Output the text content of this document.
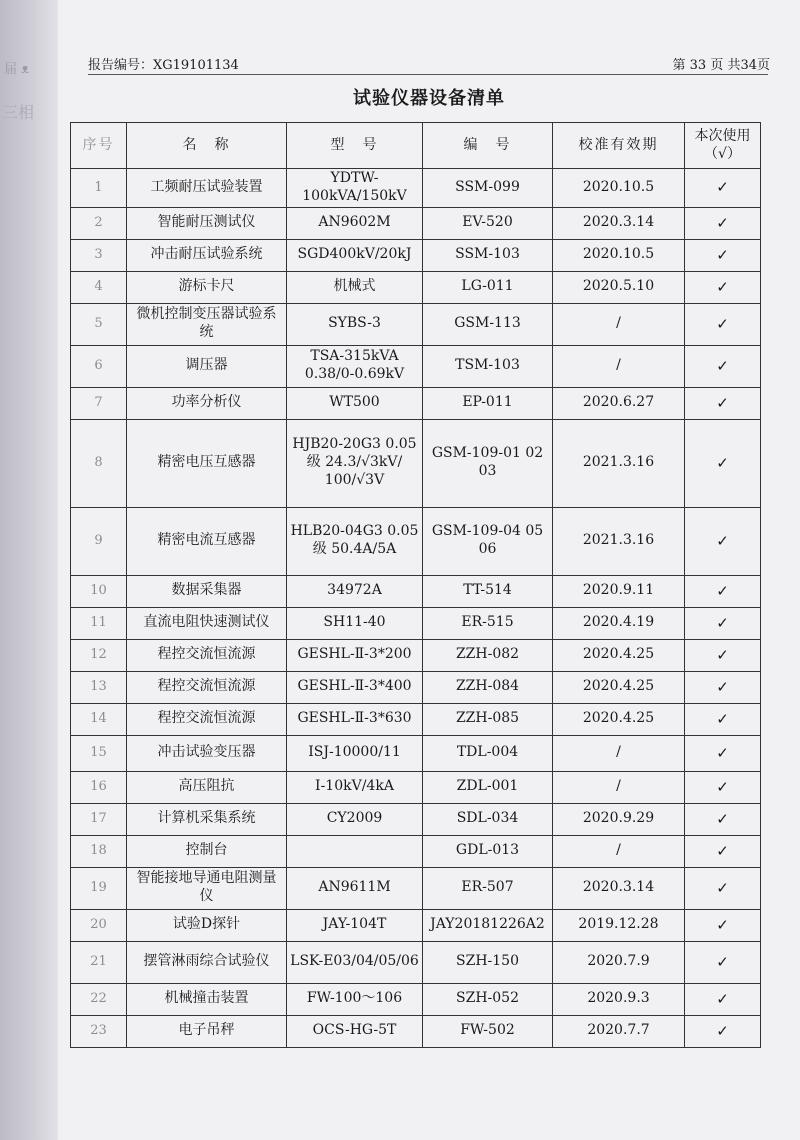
届 ᴥ
三相
报告编号：XG19101134	第 33 页 共34页
试验仪器设备清单
序号	名　称	型　号	编　号	校准有效期	本次使用（√）
1	工频耐压试验装置	YDTW-100kVA/150kV	SSM-099	2020.10.5	✓
2	智能耐压测试仪	AN9602M	EV-520	2020.3.14	✓
3	冲击耐压试验系统	SGD400kV/20kJ	SSM-103	2020.10.5	✓
4	游标卡尺	机械式	LG-011	2020.5.10	✓
5	微机控制变压器试验系统	SYBS-3	GSM-113	/	✓
6	调压器	TSA-315kVA 0.38/0-0.69kV	TSM-103	/	✓
7	功率分析仪	WT500	EP-011	2020.6.27	✓
8	精密电压互感器	HJB20-20G3 0.05级 24.3/√3kV/ 100/√3V	GSM-109-01 02 03	2021.3.16	✓
9	精密电流互感器	HLB20-04G3 0.05级 50.4A/5A	GSM-109-04 05 06	2021.3.16	✓
10	数据采集器	34972A	TT-514	2020.9.11	✓
11	直流电阻快速测试仪	SH11-40	ER-515	2020.4.19	✓
12	程控交流恒流源	GESHL-Ⅱ-3*200	ZZH-082	2020.4.25	✓
13	程控交流恒流源	GESHL-Ⅱ-3*400	ZZH-084	2020.4.25	✓
14	程控交流恒流源	GESHL-Ⅱ-3*630	ZZH-085	2020.4.25	✓
15	冲击试验变压器	ISJ-10000/11	TDL-004	/	✓
16	高压阻抗	I-10kV/4kA	ZDL-001	/	✓
17	计算机采集系统	CY2009	SDL-034	2020.9.29	✓
18	控制台		GDL-013	/	✓
19	智能接地导通电阻测量仪	AN9611M	ER-507	2020.3.14	✓
20	试验D探针	JAY-104T	JAY20181226A2	2019.12.28	✓
21	摆管淋雨综合试验仪	LSK-E03/04/05/06	SZH-150	2020.7.9	✓
22	机械撞击装置	FW-100～106	SZH-052	2020.9.3	✓
23	电子吊秤	OCS-HG-5T	FW-502	2020.7.7	✓
